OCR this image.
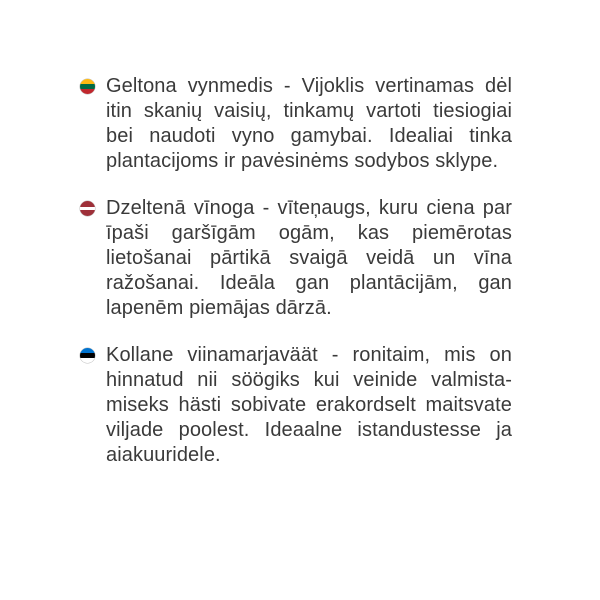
Geltona vynmedis - Vijoklis vertinamas dėl itin skanių vaisių, tinkamų vartoti tiesiogiai bei naudoti vyno gamybai. Idealiai tinka plantacijoms ir pavėsinėms sodybos sklype.
Dzeltenā vīnoga - vīteņaugs, kuru ciena par īpaši garšīgām ogām, kas piemērotas lietošanai pārtikā svaigā veidā un vīna ražošanai. Ideāla gan plantācijām, gan lapenēm piemājas dārzā.
Kollane viinamarjaväät - ronitaim, mis on hinnatud nii söögiks kui veinide valmista-miseks hästi sobivate erakordselt maitsvate viljade poolest. Ideaalne istandustesse ja aiakuuridele.
